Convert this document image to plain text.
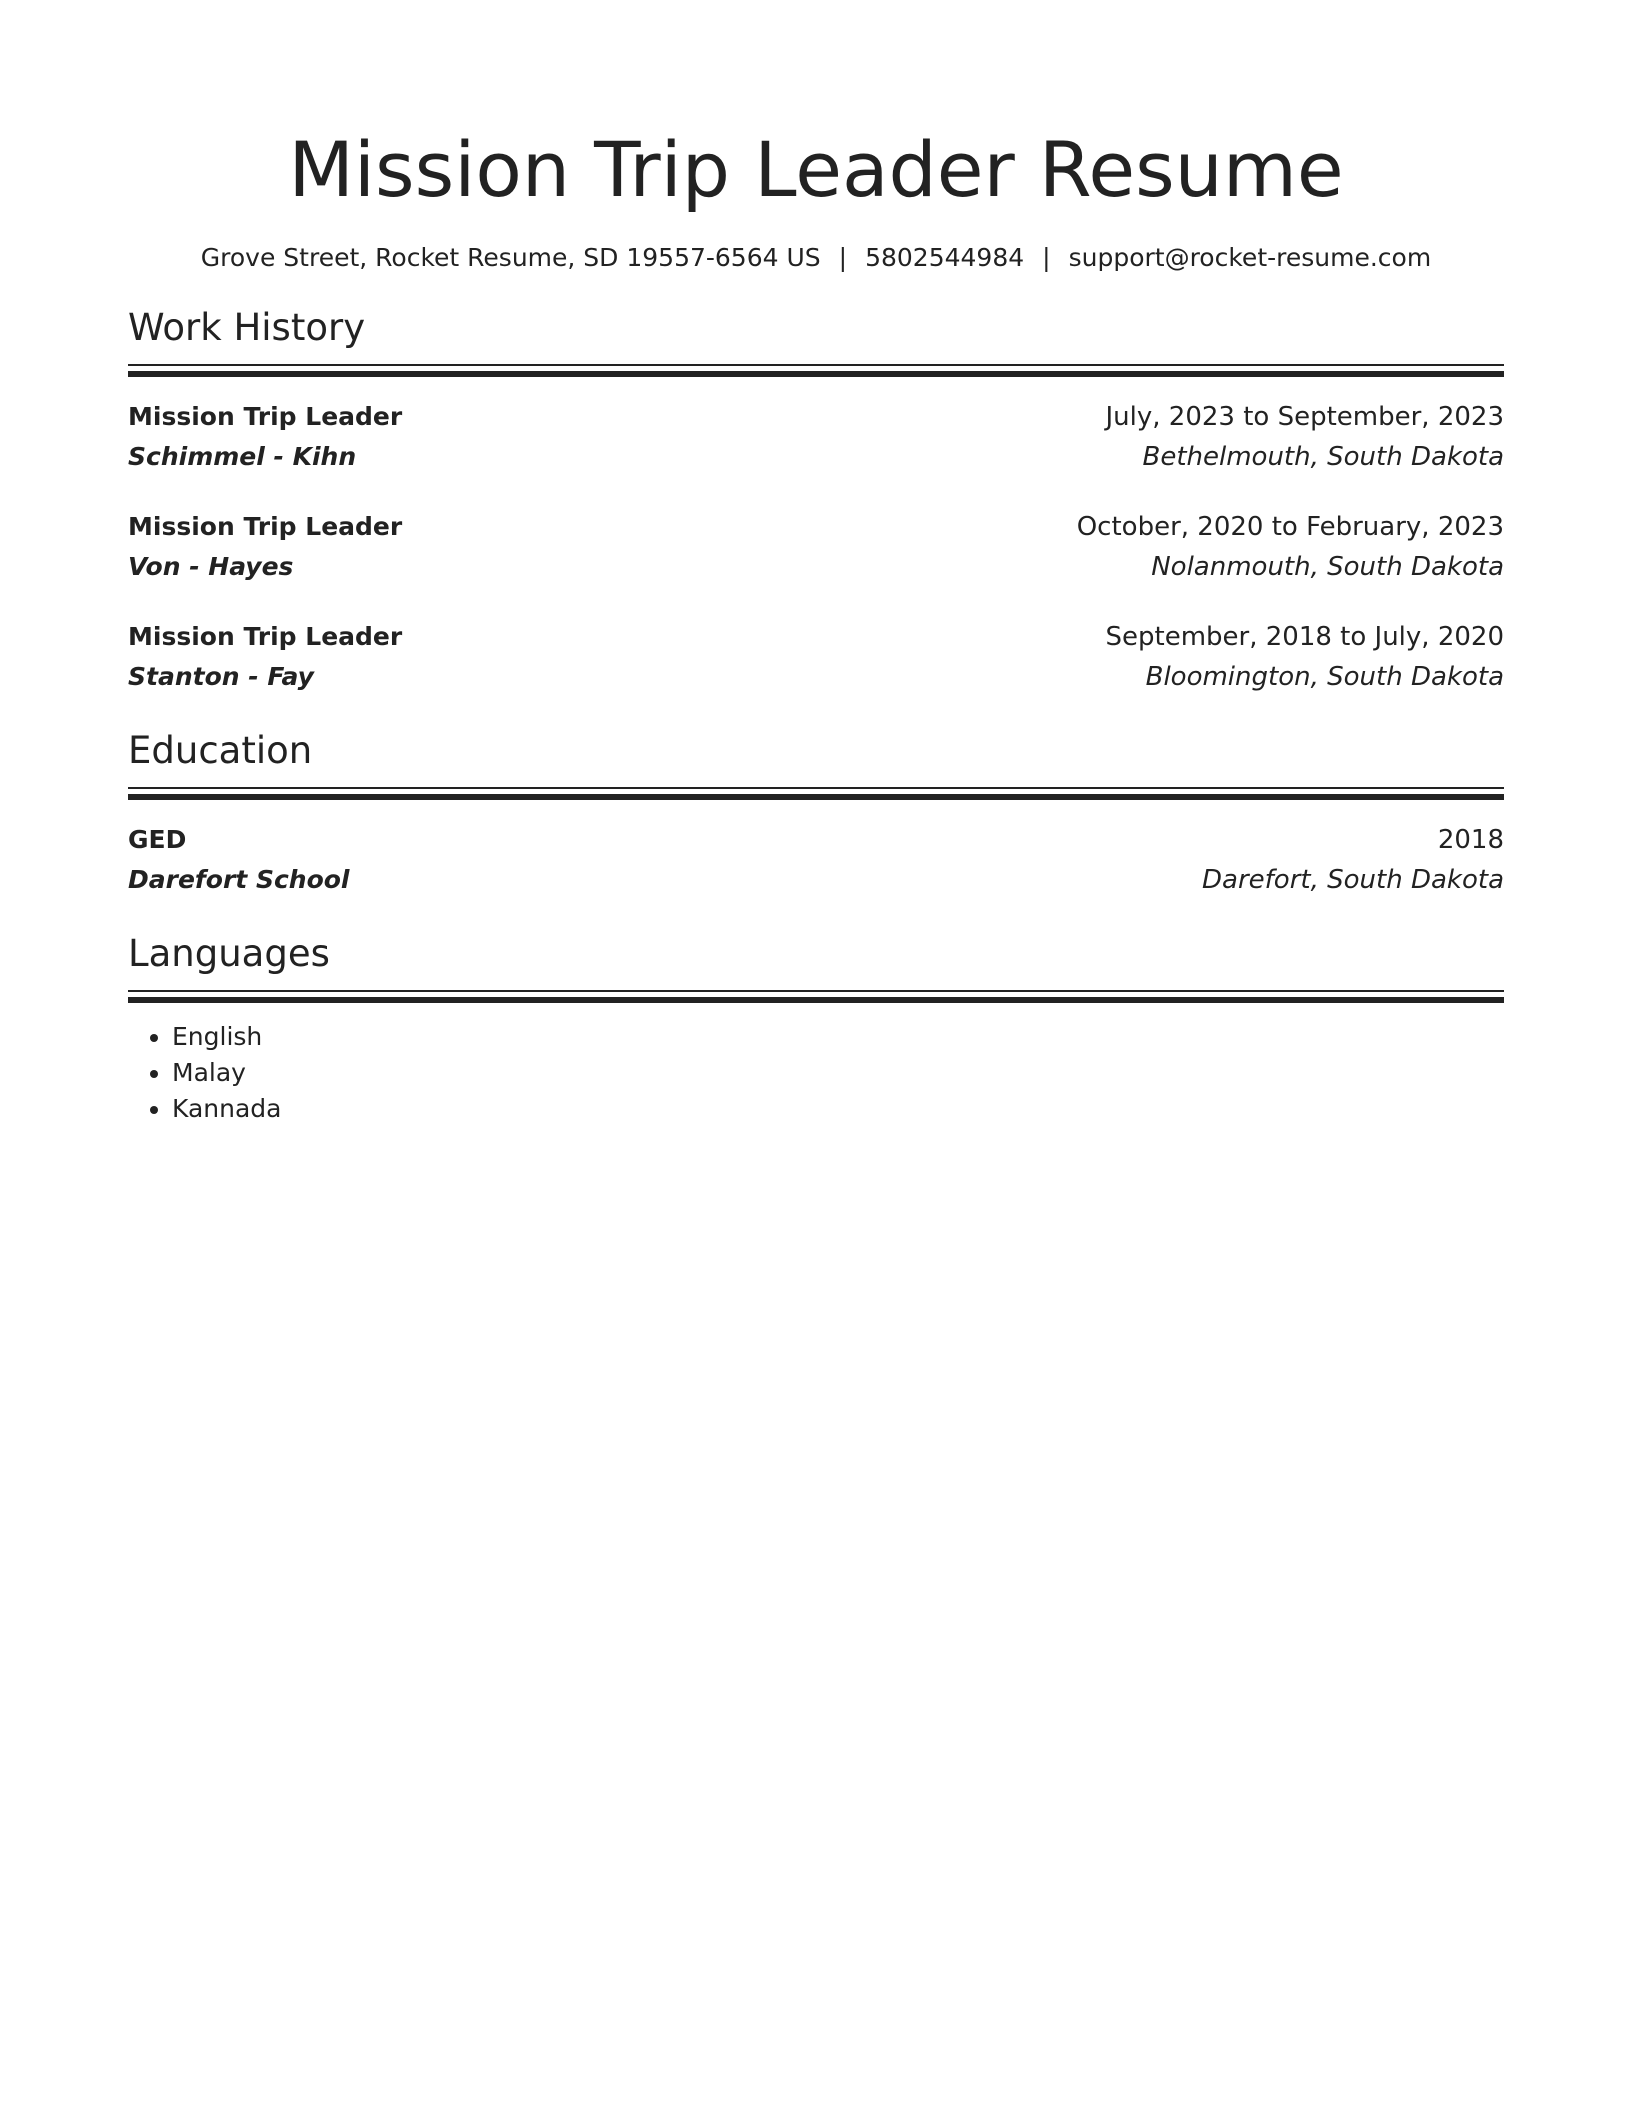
Mission Trip Leader Resume
Grove Street, Rocket Resume, SD 19557-6564 US | 5802544984 | support@rocket-resume.com
Work History
Mission Trip Leader	July, 2023 to September, 2023
Schimmel - Kihn	Bethelmouth, South Dakota
Mission Trip Leader	October, 2020 to February, 2023
Von - Hayes	Nolanmouth, South Dakota
Mission Trip Leader	September, 2018 to July, 2020
Stanton - Fay	Bloomington, South Dakota
Education
GED	2018
Darefort School	Darefort, South Dakota
Languages
• English
• Malay
• Kannada
